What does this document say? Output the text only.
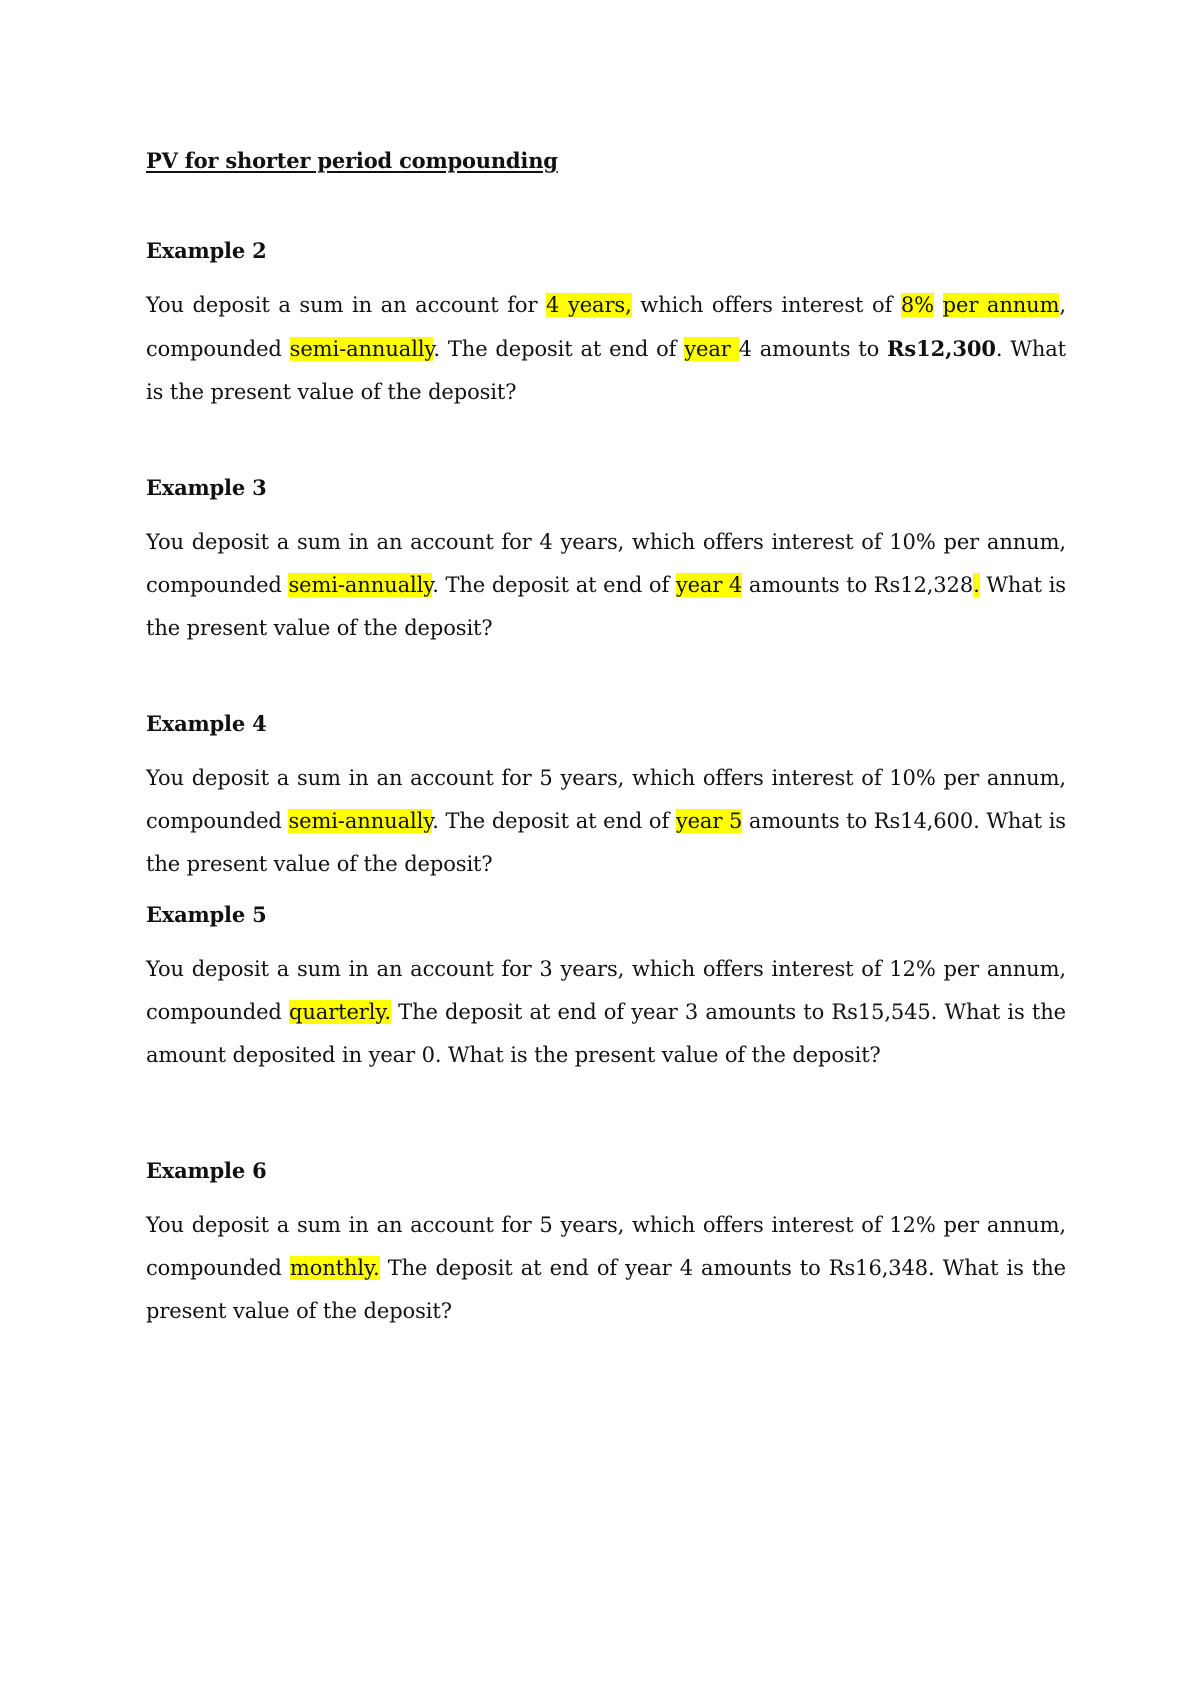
PV for shorter period compounding
Example 2

You deposit a sum in an account for 4 years, which offers interest of 8% per annum, compounded semi-annually. The deposit at end of year 4 amounts to Rs12,300. What is the present value of the deposit?

Example 3

You deposit a sum in an account for 4 years, which offers interest of 10% per annum, compounded semi-annually. The deposit at end of year 4 amounts to Rs12,328. What is the present value of the deposit?

Example 4

You deposit a sum in an account for 5 years, which offers interest of 10% per annum, compounded semi-annually. The deposit at end of year 5 amounts to Rs14,600. What is the present value of the deposit?

Example 5

You deposit a sum in an account for 3 years, which offers interest of 12% per annum, compounded quarterly. The deposit at end of year 3 amounts to Rs15,545. What is the amount deposited in year 0. What is the present value of the deposit?

Example 6

You deposit a sum in an account for 5 years, which offers interest of 12% per annum, compounded monthly. The deposit at end of year 4 amounts to Rs16,348. What is the present value of the deposit?
